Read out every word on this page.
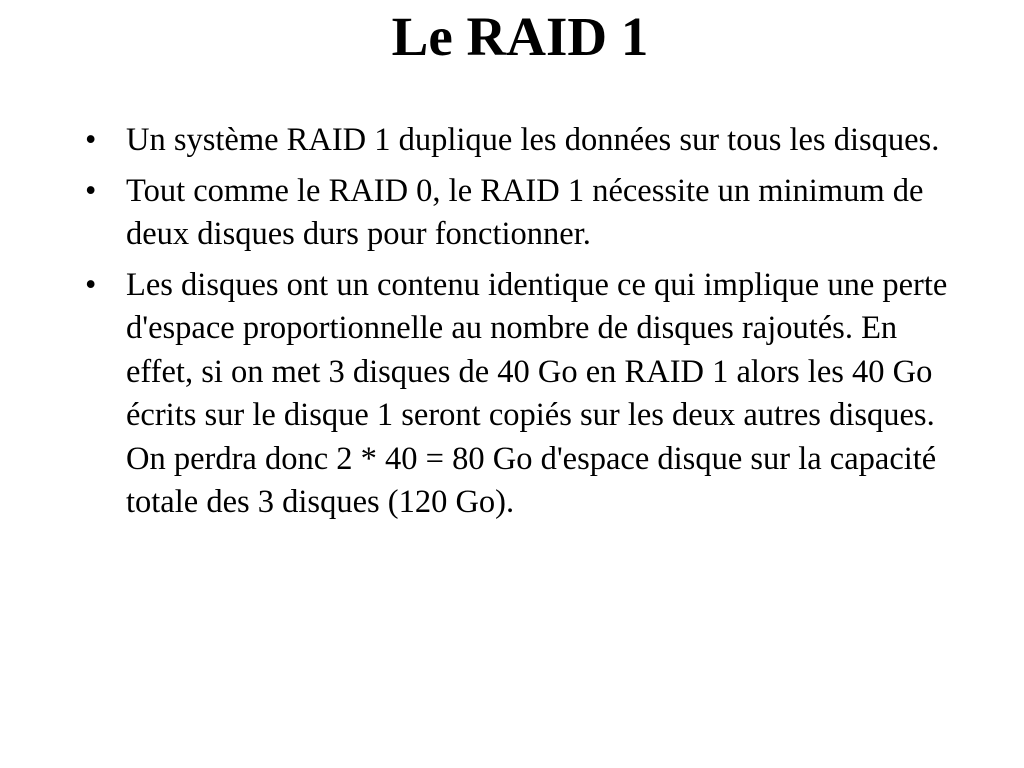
Le RAID 1
• Un système RAID 1 duplique les données sur tous les disques.
• Tout comme le RAID 0, le RAID 1 nécessite un minimum de deux disques durs pour fonctionner.
• Les disques ont un contenu identique ce qui implique une perte d'espace proportionnelle au nombre de disques rajoutés. En effet, si on met 3 disques de 40 Go en RAID 1 alors les 40 Go écrits sur le disque 1 seront copiés sur les deux autres disques. On perdra donc 2 * 40 = 80 Go d'espace disque sur la capacité totale des 3 disques (120 Go).
